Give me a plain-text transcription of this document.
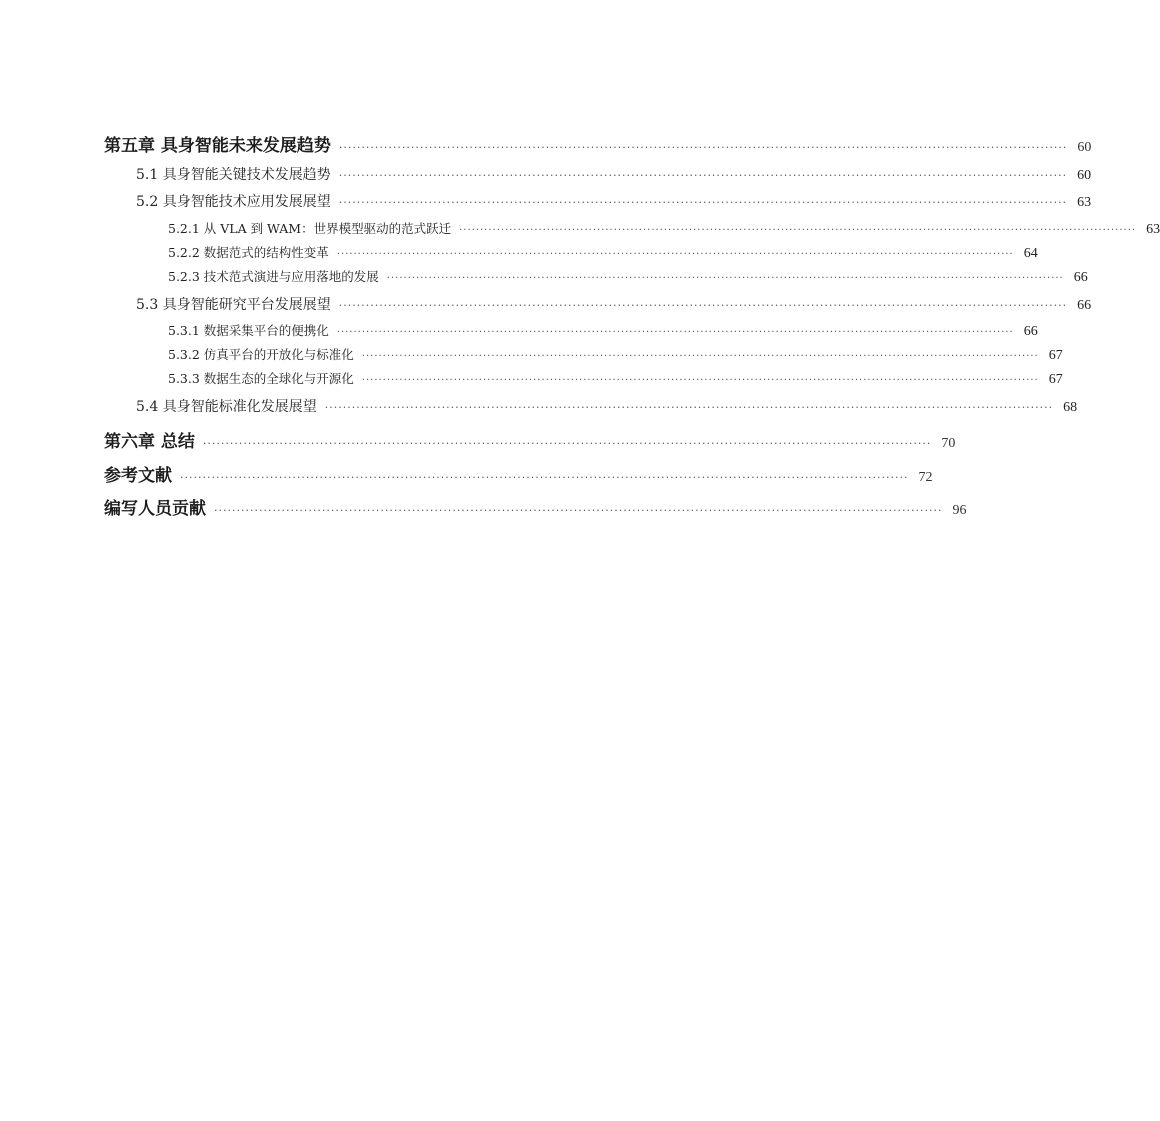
第五章 具身智能未来发展趋势 ·································································································································································· 60
5.1 具身智能关键技术发展趋势 ·································································································································································· 60
5.2 具身智能技术应用发展展望 ·································································································································································· 63
5.2.1 从 VLA 到 WAM：世界模型驱动的范式跃迁 ·································································································································································· 63
5.2.2 数据范式的结构性变革 ·································································································································································· 64
5.2.3 技术范式演进与应用落地的发展 ·································································································································································· 66
5.3 具身智能研究平台发展展望 ·································································································································································· 66
5.3.1 数据采集平台的便携化 ·································································································································································· 66
5.3.2 仿真平台的开放化与标准化 ·································································································································································· 67
5.3.3 数据生态的全球化与开源化 ·································································································································································· 67
5.4 具身智能标准化发展展望 ·································································································································································· 68
第六章 总结 ·································································································································································· 70
参考文献 ·································································································································································· 72
编写人员贡献 ·································································································································································· 96
